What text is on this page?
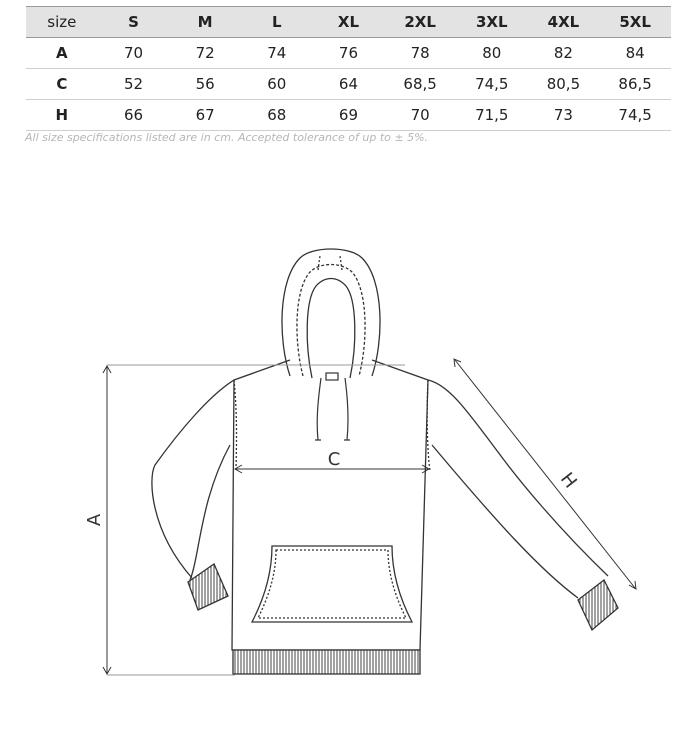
size	S	M	L	XL	2XL	3XL	4XL	5XL
A	70	72	74	76	78	80	82	84
C	52	56	60	64	68,5	74,5	80,5	86,5
H	66	67	68	69	70	71,5	73	74,5
All size specifications listed are in cm. Accepted tolerance of up to ± 5%.
A
C
H
